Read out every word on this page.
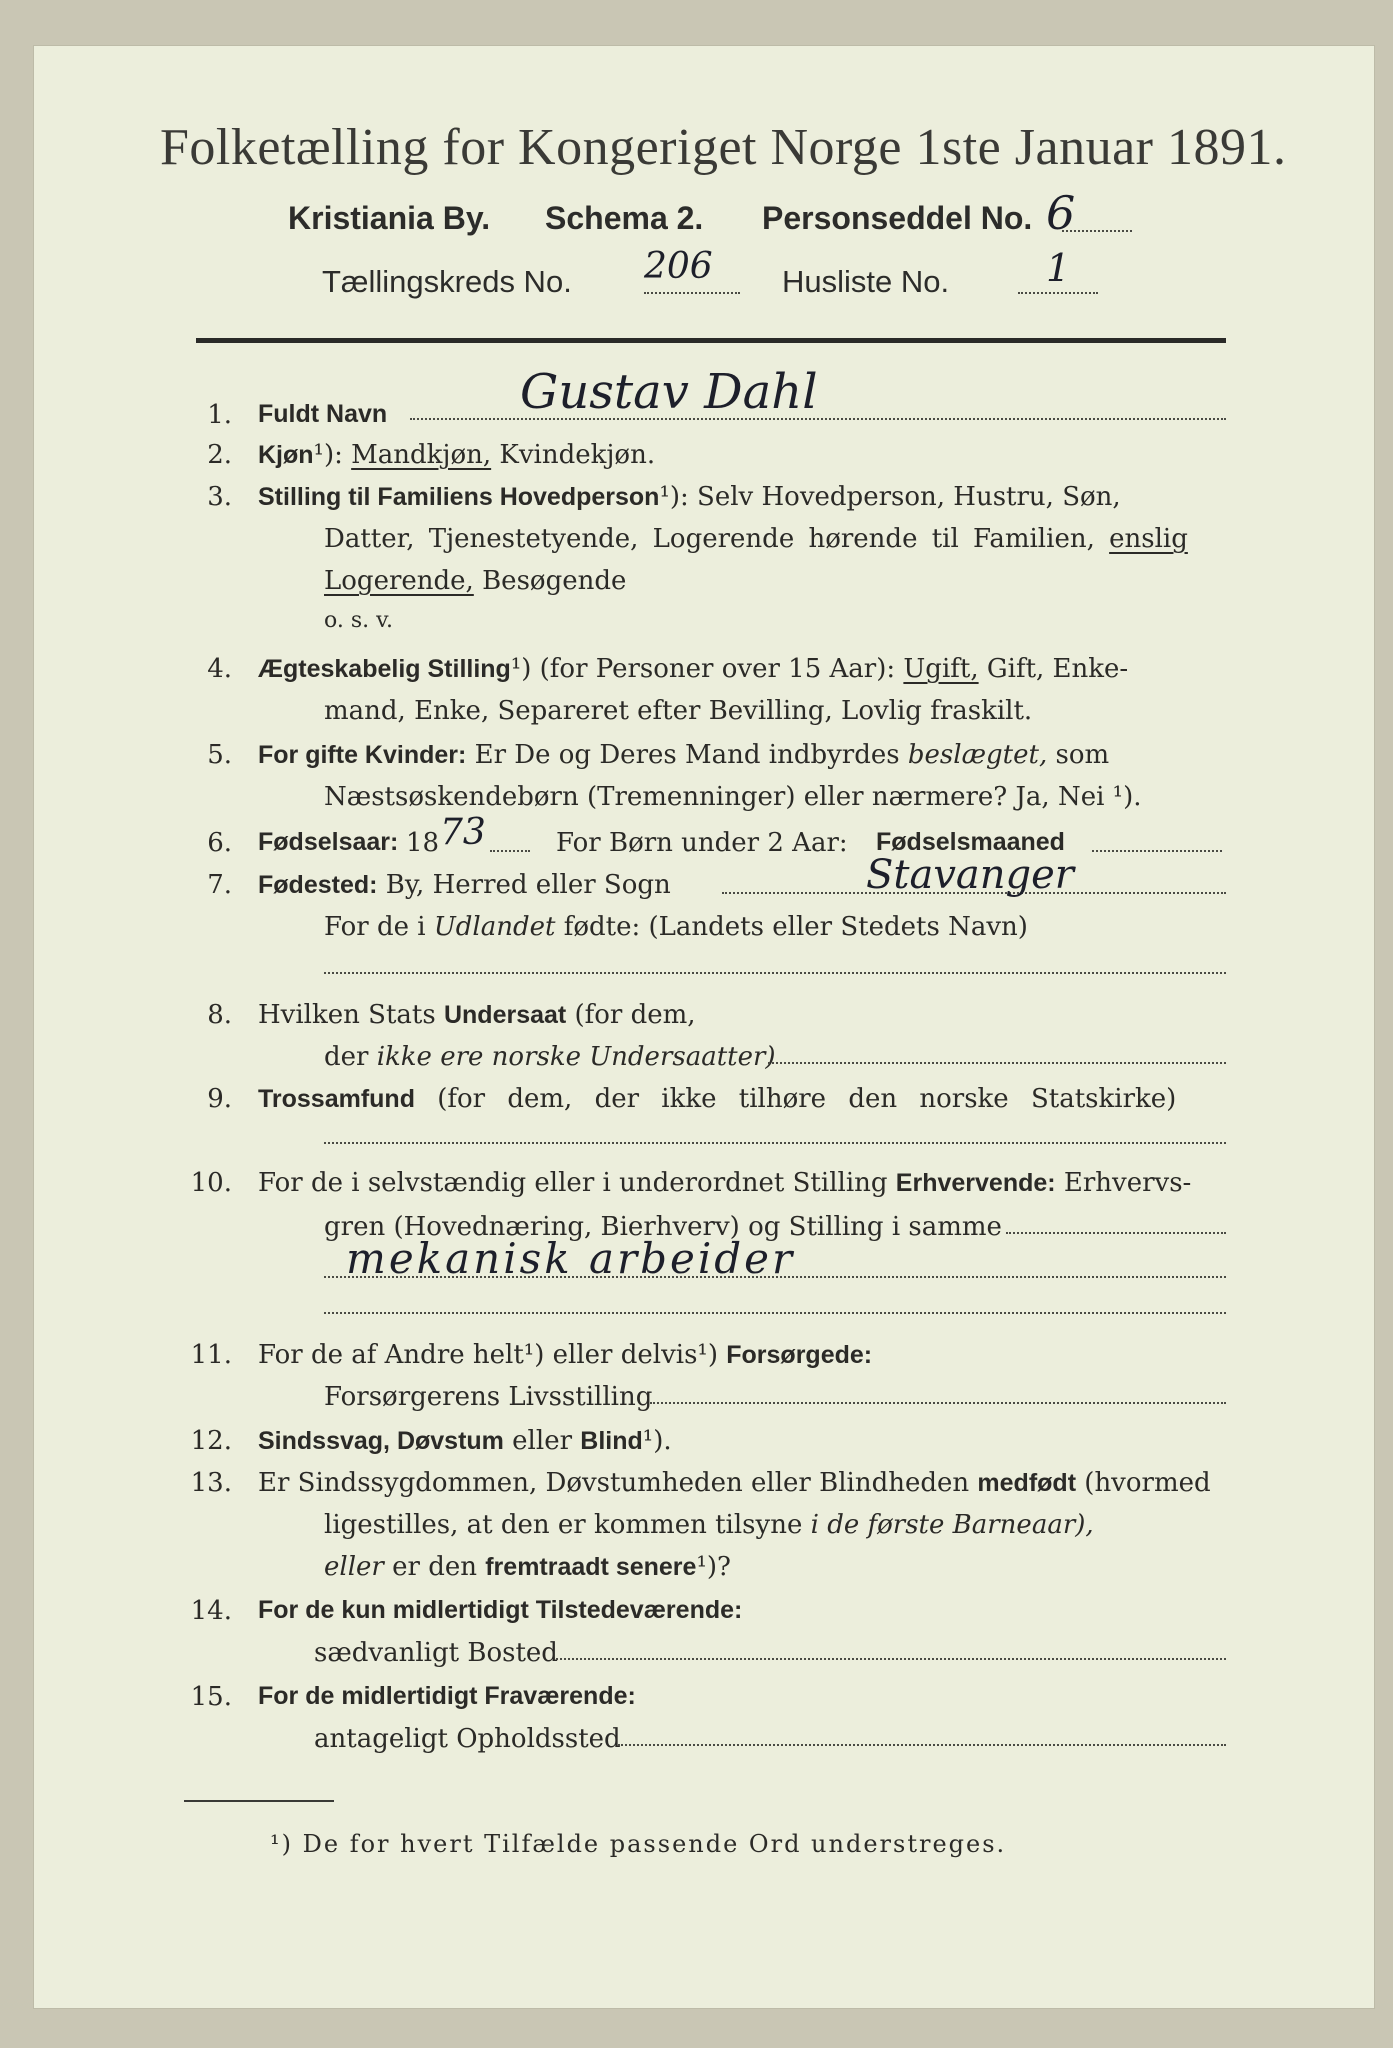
Folketælling for Kongeriget Norge 1ste Januar 1891.
Kristiania By. Schema 2. Personseddel No. 6
Tællingskreds No. 206 Husliste No.	1
1. Fuldt Navn	Gustav Dahl
2. Kjøn¹): Mandkjøn, Kvindekjøn.
3. Stilling til Familiens Hovedperson¹): Selv Hovedperson, Hustru, Søn,
Datter, Tjenestetyende, Logerende hørende til Familien, enslig
Logerende, Besøgende
o. s. v.
4. Ægteskabelig Stilling¹) (for Personer over 15 Aar): Ugift, Gift, Enke-
mand, Enke, Separeret efter Bevilling, Lovlig fraskilt.
5. For gifte Kvinder: Er De og Deres Mand indbyrdes beslægtet, som
Næstsøskendebørn (Tremenninger) eller nærmere? Ja, Nei ¹).
6. Fødselsaar: 18 73	For Børn under 2 Aar: Fødselsmaaned
7. Fødested: By, Herred eller Sogn	Stavanger
For de i Udlandet fødte: (Landets eller Stedets Navn)
8. Hvilken Stats Undersaat (for dem,
der ikke ere norske Undersaatter)
9. Trossamfund (for dem, der ikke tilhøre den norske Statskirke)
10. For de i selvstændig eller i underordnet Stilling Erhvervende: Erhvervs-
gren (Hovednæring, Bierhverv) og Stilling i samme
mekanisk arbeider
11. For de af Andre helt¹) eller delvis¹) Forsørgede:
Forsørgerens Livsstilling
12. Sindssvag, Døvstum eller Blind¹).
13. Er Sindssygdommen, Døvstumheden eller Blindheden medfødt (hvormed
ligestilles, at den er kommen tilsyne i de første Barneaar),
eller er den fremtraadt senere¹)?
14. For de kun midlertidigt Tilstedeværende:
sædvanligt Bosted
15. For de midlertidigt Fraværende:
antageligt Opholdssted
¹) De for hvert Tilfælde passende Ord understreges.
